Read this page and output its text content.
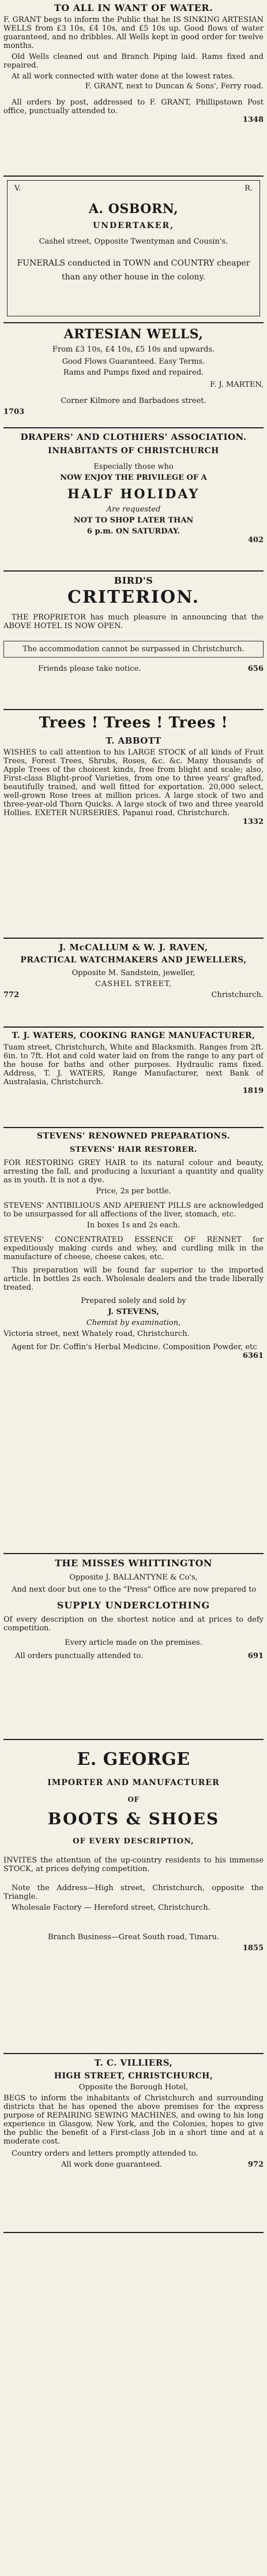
TO ALL IN WANT OF WATER.

F. GRANT begs to inform the Public that he IS SINKING ARTESIAN WELLS from £3 10s, £4 10s, and £5 10s up. Good flows of water guaranteed, and no dribbles. All Wells kept in good order for twelve months.

Old Wells cleaned out and Branch Piping laid. Rams fixed and repaired.

At all work connected with water done at the lowest rates.

F. GRANT, next to Duncan & Sons', Ferry road.

All orders by post, addressed to F. GRANT, Phillipstown Post office, punctually attended to.

1348
V.	R.

A. OSBORN,

UNDERTAKER,

Cashel street, Opposite Twentyman and Cousin's.

FUNERALS conducted in TOWN and COUNTRY cheaper than any other house in the colony.

ARTESIAN WELLS,

From £3 10s, £4 10s, £5 10s and upwards.

Good Flows Guaranteed. Easy Terms.

Rams and Pumps fixed and repaired.

F. J. MARTEN,

Corner Kilmore and Barbadoes street.

1703

DRAPERS' AND CLOTHIERS' ASSOCIATION.

INHABITANTS OF CHRISTCHURCH

Especially those who

NOW ENJOY THE PRIVILEGE OF A

HALF HOLIDAY

Are requested

NOT TO SHOP LATER THAN

6 p.m. ON SATURDAY.

402

BIRD'S

CRITERION.

THE PROPRIETOR has much pleasure in announcing that the ABOVE HOTEL IS NOW OPEN.

The accommodation cannot be surpassed in Christchurch.

Friends please take notice.	656

Trees ! Trees ! Trees !

T. ABBOTT

WISHES to call attention to his LARGE STOCK of all kinds of Fruit Trees, Forest Trees, Shrubs, Roses, &c. &c. Many thousands of Apple Trees of the choicest kinds, free from blight and scale; also, First-class Blight-proof Varieties, from one to three years' grafted, beautifully trained, and well fitted for exportation. 20,000 select, well-grown Rose trees at million prices. A large stock of two and three-year-old Thorn Quicks. A large stock of two and three yearold Hollies. EXETER NURSERIES, Papanui road, Christchurch.

1332

J. McCALLUM & W. J. RAVEN,

PRACTICAL WATCHMAKERS AND JEWELLERS,

Opposite M. Sandstein, jeweller,

CASHEL STREET,

772	Christchurch.

T. J. WATERS, COOKING RANGE MANUFACTURER,

Tuam street, Christchurch, White and Blacksmith. Ranges from 2ft. 6in. to 7ft. Hot and cold water laid on from the range to any part of the house for baths and other purposes. Hydraulic rams fixed. Address, T. J. WATERS, Range Manufacturer, next Bank of Australasia, Christchurch.

1819

STEVENS' RENOWNED PREPARATIONS.

STEVENS' HAIR RESTORER.

FOR RESTORING GREY HAIR to its natural colour and beauty, arresting the fall, and producing a luxuriant a quantity and quality as in youth. It is not a dye.

Price, 2s per bottle.

STEVENS' ANTIBILIOUS AND APERIENT PILLS are acknowledged to be unsurpassed for all affections of the liver, stomach, etc.

In boxes 1s and 2s each.

STEVENS' CONCENTRATED ESSENCE OF RENNET for expeditiously making curds and whey, and curdling milk in the manufacture of cheese, cheese cakes, etc.

This preparation will be found far superior to the imported article. In bottles 2s each. Wholesale dealers and the trade liberally treated.

Prepared solely and sold by

J. STEVENS,

Chemist by examination,

Victoria street, next Whately road, Christchurch.

Agent for Dr. Coffin's Herbal Medicine. Composition Powder, etc

6361

THE MISSES WHITTINGTON

Opposite J. BALLANTYNE & Co's,

And next door but one to the "Press" Office are now prepared to

SUPPLY UNDERCLOTHING

Of every description on the shortest notice and at prices to defy competition.

Every article made on the premises.

All orders punctually attended to.	691

E. GEORGE

IMPORTER AND MANUFACTURER

OF

BOOTS & SHOES

OF EVERY DESCRIPTION,

INVITES the attention of the up-country residents to his immense STOCK, at prices defying competition.

Note the Address—High street, Christchurch, opposite the Triangle.

Wholesale Factory — Hereford street, Christchurch.

Branch Business—Great South road, Timaru.

1855

T. C. VILLIERS,

HIGH STREET, CHRISTCHURCH,

Opposite the Borough Hotel,

BEGS to inform the inhabitants of Christchurch and surrounding districts that he has opened the above premises for the express purpose of REPAIRING SEWING MACHINES, and owing to his long experience in Glasgow, New York, and the Colonies, hopes to give the public the benefit of a First-class Job in a short time and at a moderate cost.

Country orders and letters promptly attended to.

All work done guaranteed.	972
